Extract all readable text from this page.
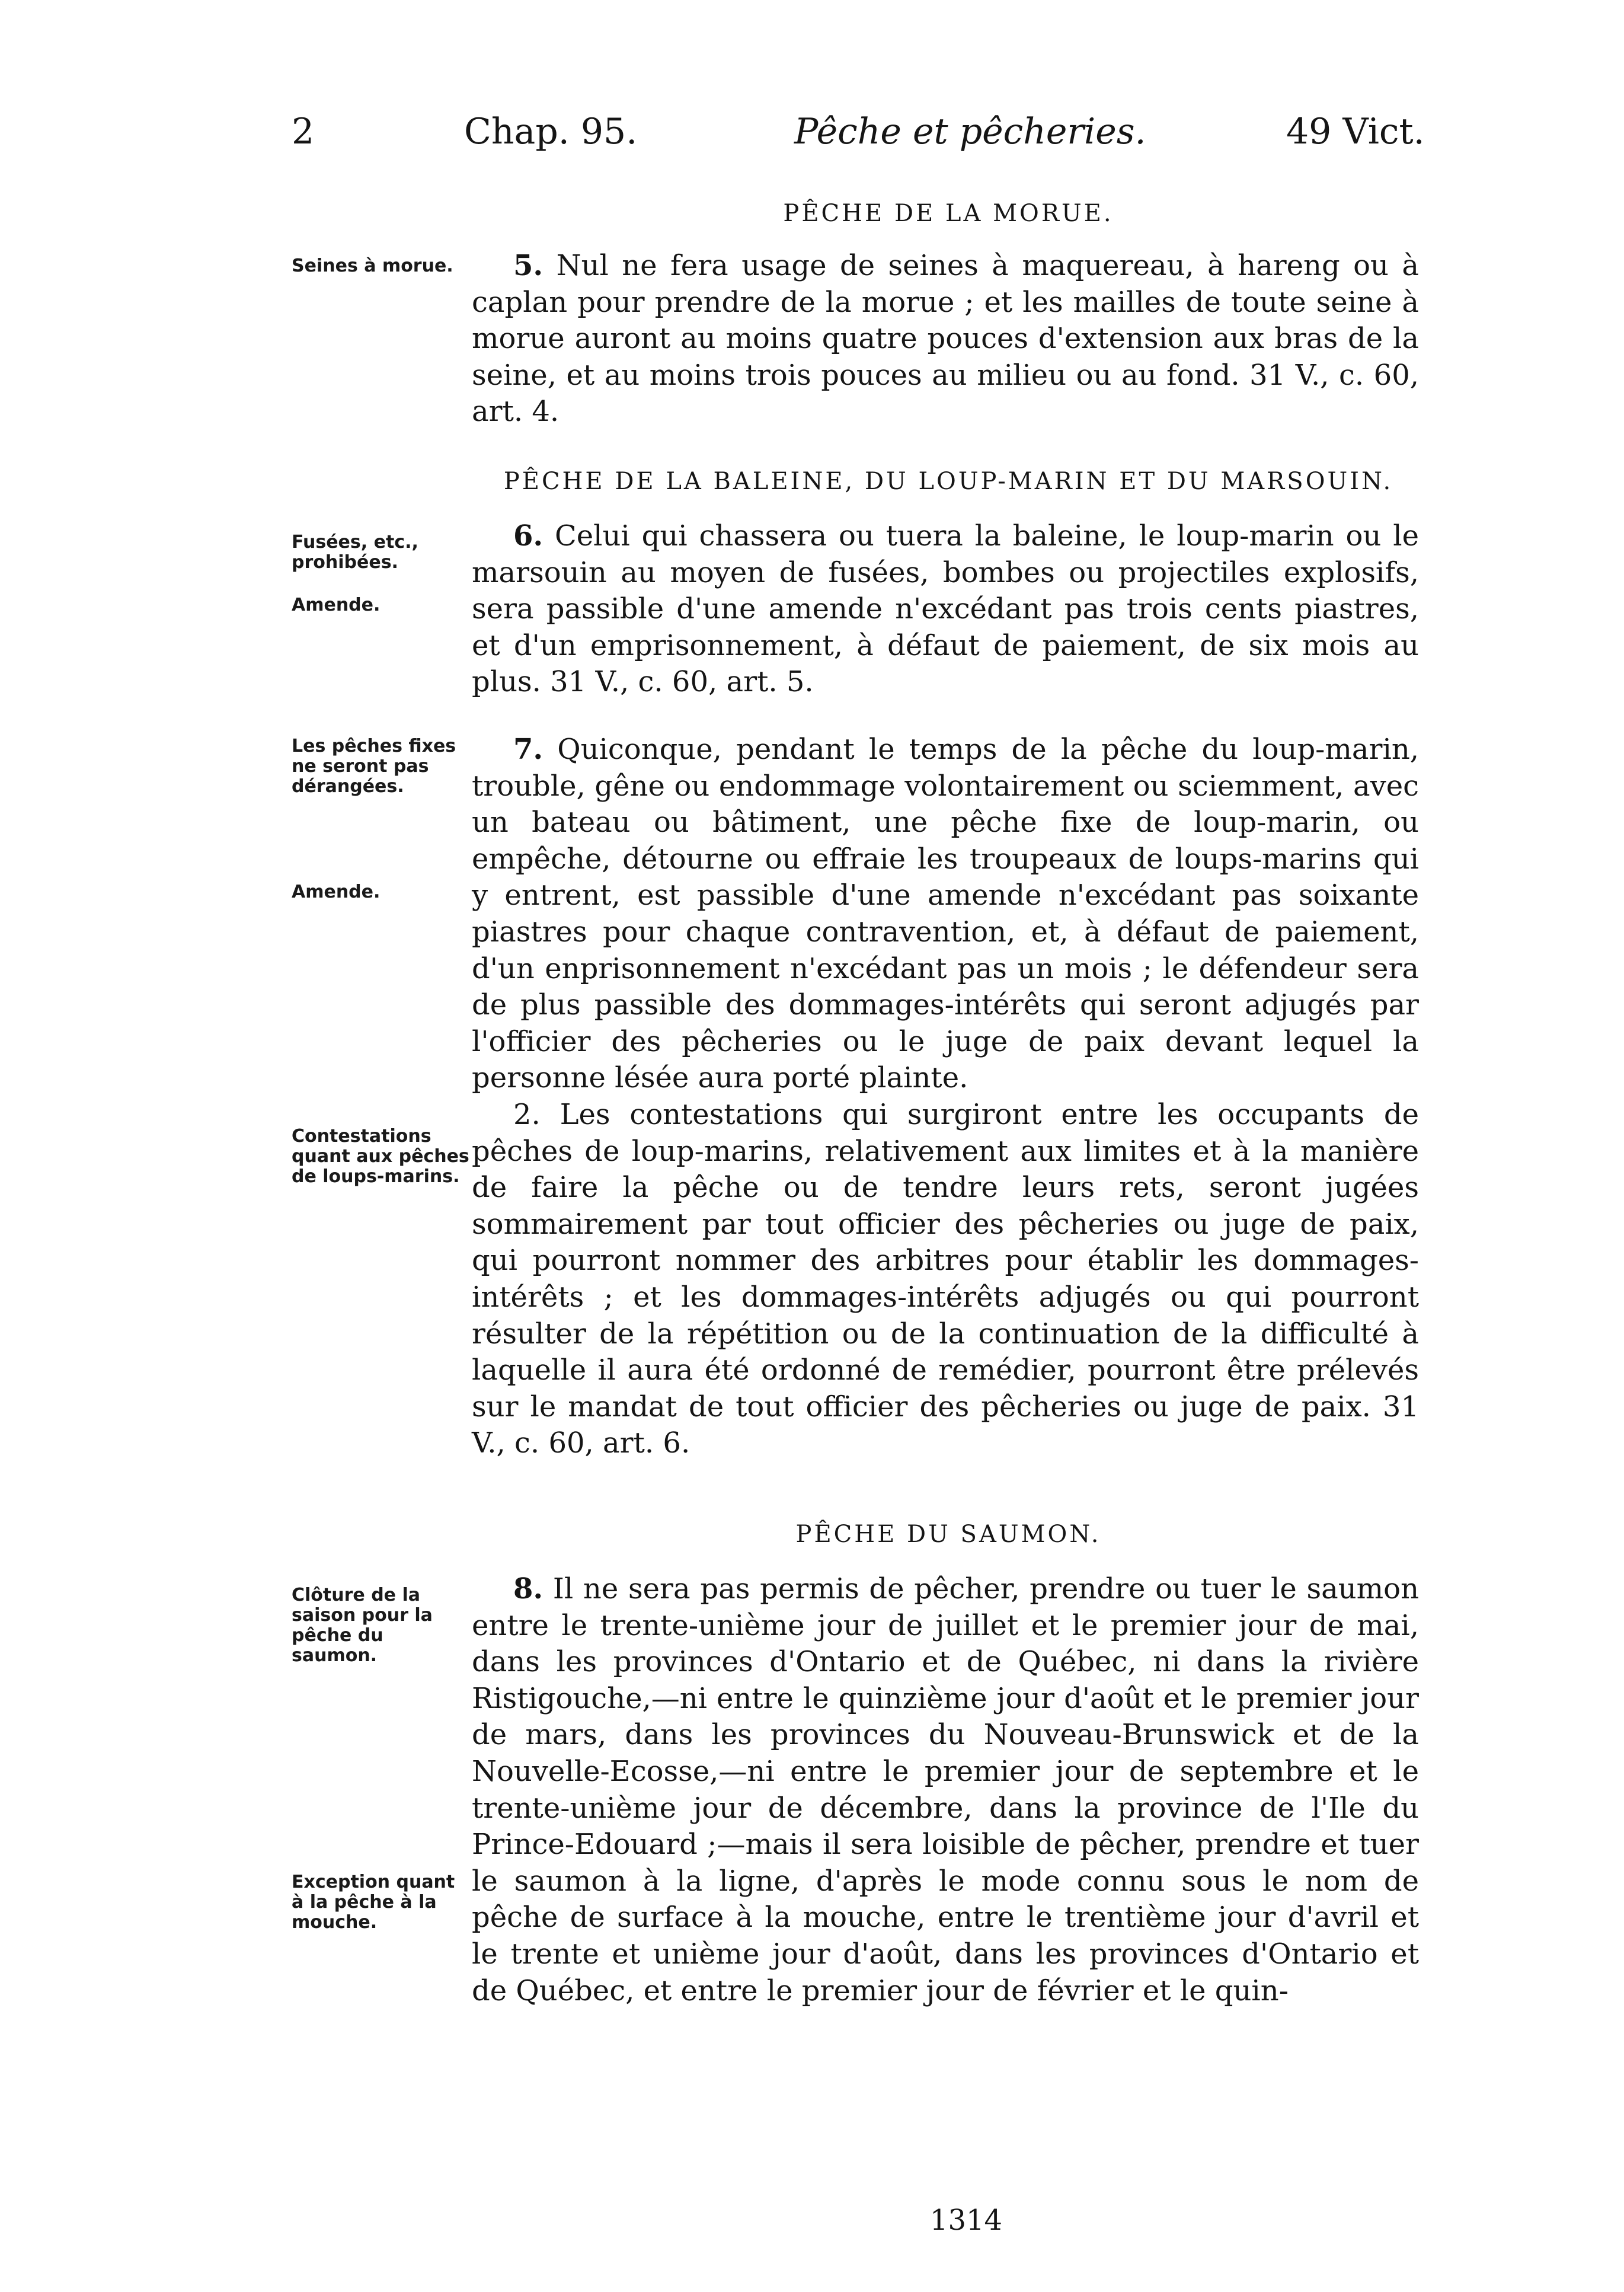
2	Chap. 95.	Pêche et pêcheries.	49 Vict.
PÊCHE DE LA MORUE.
Seines à morue.	5. Nul ne fera usage de seines à maquereau, à hareng ou à caplan pour prendre de la morue ; et les mailles de toute seine à morue auront au moins quatre pouces d'extension aux bras de la seine, et au moins trois pouces au milieu ou au fond. 31 V., c. 60, art. 4.

PÊCHE DE LA BALEINE, DU LOUP-MARIN ET DU MARSOUIN.
Fusées, etc., prohibées.
Amende.

6. Celui qui chassera ou tuera la baleine, le loup-marin ou le marsouin au moyen de fusées, bombes ou projectiles explosifs, sera passible d'une amende n'excédant pas trois cents piastres, et d'un emprisonnement, à défaut de paiement, de six mois au plus. 31 V., c. 60, art. 5.

Les pêches fixes ne seront pas dérangées.
Amende.
Contestations quant aux pêches de loups-marins.

7. Quiconque, pendant le temps de la pêche du loup-marin, trouble, gêne ou endommage volontairement ou sciemment, avec un bateau ou bâtiment, une pêche fixe de loup-marin, ou empêche, détourne ou effraie les troupeaux de loups-marins qui y entrent, est passible d'une amende n'excédant pas soixante piastres pour chaque contravention, et, à défaut de paiement, d'un enprisonnement n'excédant pas un mois ; le défendeur sera de plus passible des dommages-intérêts qui seront adjugés par l'officier des pêcheries ou le juge de paix devant lequel la personne lésée aura porté plainte.

2. Les contestations qui surgiront entre les occupants de pêches de loup-marins, relativement aux limites et à la manière de faire la pêche ou de tendre leurs rets, seront jugées sommairement par tout officier des pêcheries ou juge de paix, qui pourront nommer des arbitres pour établir les dommages-intérêts ; et les dommages-intérêts adjugés ou qui pourront résulter de la répétition ou de la continuation de la difficulté à laquelle il aura été ordonné de remédier, pourront être prélevés sur le mandat de tout officier des pêcheries ou juge de paix. 31 V., c. 60, art. 6.

PÊCHE DU SAUMON.
Clôture de la saison pour la pêche du saumon.
Exception quant à la pêche à la mouche.

8. Il ne sera pas permis de pêcher, prendre ou tuer le saumon entre le trente-unième jour de juillet et le premier jour de mai, dans les provinces d'Ontario et de Québec, ni dans la rivière Ristigouche,—ni entre le quinzième jour d'août et le premier jour de mars, dans les provinces du Nouveau-Brunswick et de la Nouvelle-Ecosse,—ni entre le premier jour de septembre et le trente-unième jour de décembre, dans la province de l'Ile du Prince-Edouard ;—mais il sera loisible de pêcher, prendre et tuer le saumon à la ligne, d'après le mode connu sous le nom de pêche de surface à la mouche, entre le trentième jour d'avril et le trente et unième jour d'août, dans les provinces d'Ontario et de Québec, et entre le premier jour de février et le quin-

1314
